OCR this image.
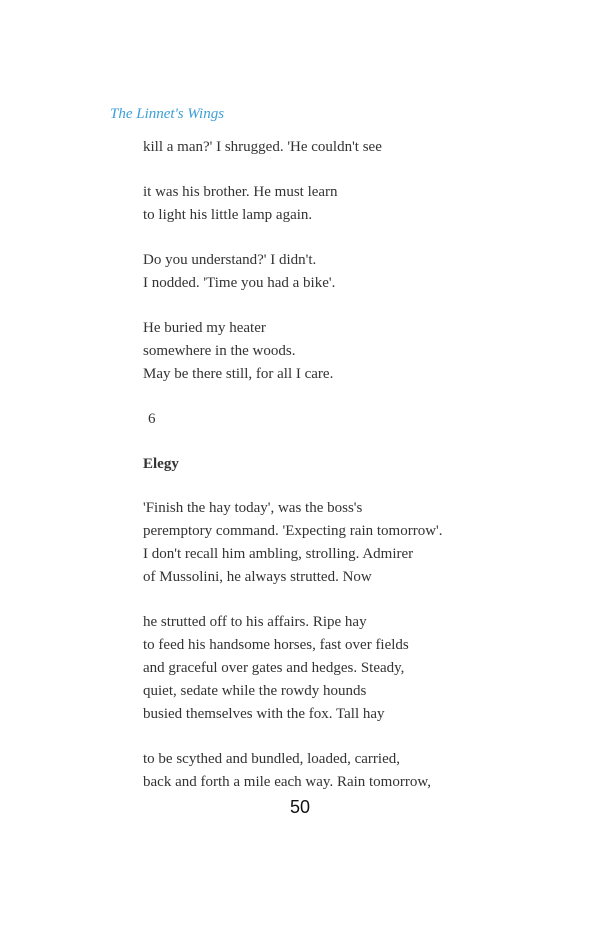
The Linnet's Wings
kill a man?' I shrugged. 'He couldn't see
it was his brother. He must learn
to light his little lamp again.
Do you understand?' I didn't.
I nodded. 'Time you had a bike'.
He buried my heater
somewhere in the woods.
May be there still, for all I care.
6
Elegy
'Finish the hay today', was the boss's
peremptory command. 'Expecting rain tomorrow'.
I don't recall him ambling, strolling. Admirer
of Mussolini, he always strutted. Now
he strutted off to his affairs. Ripe hay
to feed his handsome horses, fast over fields
and graceful over gates and hedges. Steady,
quiet, sedate while the rowdy hounds
busied themselves with the fox. Tall hay
to be scythed and bundled, loaded, carried,
back and forth a mile each way. Rain tomorrow,
50
